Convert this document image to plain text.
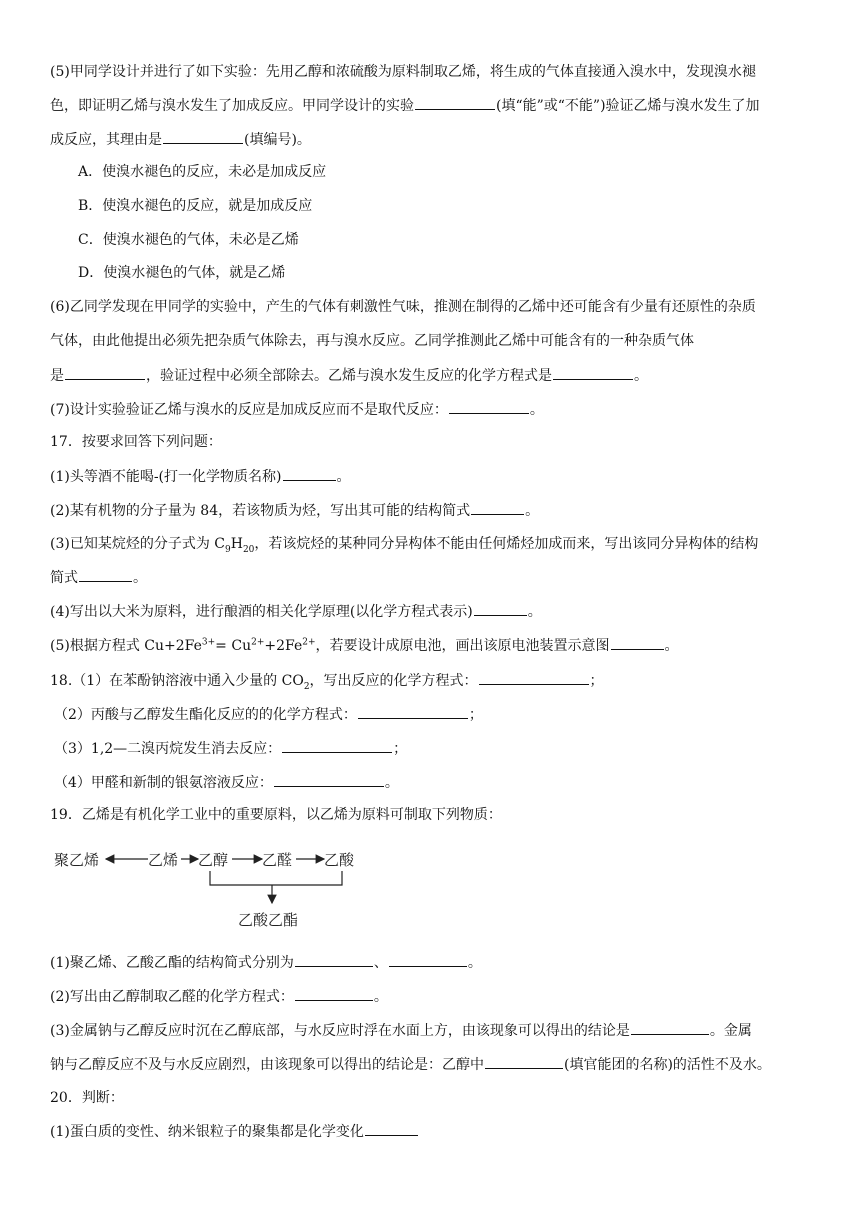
(5)甲同学设计并进行了如下实验：先用乙醇和浓硫酸为原料制取乙烯，将生成的气体直接通入溴水中，发现溴水褪
色，即证明乙烯与溴水发生了加成反应。甲同学设计的实验	(填“能”或“不能”)验证乙烯与溴水发生了加
成反应，其理由是	(填编号)。
A．使溴水褪色的反应，未必是加成反应
B．使溴水褪色的反应，就是加成反应
C．使溴水褪色的气体，未必是乙烯
D．使溴水褪色的气体，就是乙烯
(6)乙同学发现在甲同学的实验中，产生的气体有刺激性气味，推测在制得的乙烯中还可能含有少量有还原性的杂质
气体，由此他提出必须先把杂质气体除去，再与溴水反应。乙同学推测此乙烯中可能含有的一种杂质气体
是	，验证过程中必须全部除去。乙烯与溴水发生反应的化学方程式是	。
(7)设计实验验证乙烯与溴水的反应是加成反应而不是取代反应：	。
17．按要求回答下列问题：
(1)头等酒不能喝-(打一化学物质名称)	。
(2)某有机物的分子量为 84，若该物质为烃，写出其可能的结构简式	。
(3)已知某烷烃的分子式为 $C_9H_{20}$，若该烷烃的某种同分异构体不能由任何烯烃加成而来，写出该同分异构体的结构
简式	。
(4)写出以大米为原料，进行酿酒的相关化学原理(以化学方程式表示)	。
(5)根据方程式 $Cu+2Fe^{3+}= Cu^{2+}+2Fe^{2+}$，若要设计成原电池，画出该原电池装置示意图	。
18.（1）在苯酚钠溶液中通入少量的 $CO_2$，写出反应的化学方程式：	；
（2）丙酸与乙醇发生酯化反应的的化学方程式：	；
（3）1,2—二溴丙烷发生消去反应：	；
（4）甲醛和新制的银氨溶液反应：	。
19．乙烯是有机化学工业中的重要原料，以乙烯为原料可制取下列物质：
聚乙烯	乙烯 乙醇 乙醛 乙酸
乙酸乙酯
(1)聚乙烯、乙酸乙酯的结构简式分别为	、	。
(2)写出由乙醇制取乙醛的化学方程式：	。
(3)金属钠与乙醇反应时沉在乙醇底部，与水反应时浮在水面上方，由该现象可以得出的结论是	。金属
钠与乙醇反应不及与水反应剧烈，由该现象可以得出的结论是：乙醇中	(填官能团的名称)的活性不及水。
20．判断：
(1)蛋白质的变性、纳米银粒子的聚集都是化学变化
